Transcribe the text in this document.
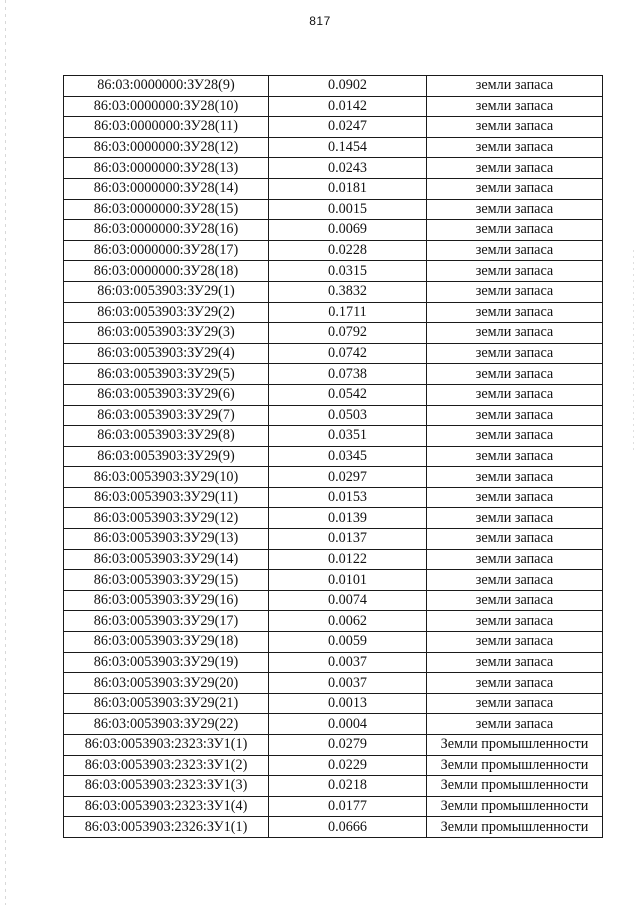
817
86:03:0000000:ЗУ28(9)	0.0902	земли запаса
86:03:0000000:ЗУ28(10)	0.0142	земли запаса
86:03:0000000:ЗУ28(11)	0.0247	земли запаса
86:03:0000000:ЗУ28(12)	0.1454	земли запаса
86:03:0000000:ЗУ28(13)	0.0243	земли запаса
86:03:0000000:ЗУ28(14)	0.0181	земли запаса
86:03:0000000:ЗУ28(15)	0.0015	земли запаса
86:03:0000000:ЗУ28(16)	0.0069	земли запаса
86:03:0000000:ЗУ28(17)	0.0228	земли запаса
86:03:0000000:ЗУ28(18)	0.0315	земли запаса
86:03:0053903:ЗУ29(1)	0.3832	земли запаса
86:03:0053903:ЗУ29(2)	0.1711	земли запаса
86:03:0053903:ЗУ29(3)	0.0792	земли запаса
86:03:0053903:ЗУ29(4)	0.0742	земли запаса
86:03:0053903:ЗУ29(5)	0.0738	земли запаса
86:03:0053903:ЗУ29(6)	0.0542	земли запаса
86:03:0053903:ЗУ29(7)	0.0503	земли запаса
86:03:0053903:ЗУ29(8)	0.0351	земли запаса
86:03:0053903:ЗУ29(9)	0.0345	земли запаса
86:03:0053903:ЗУ29(10)	0.0297	земли запаса
86:03:0053903:ЗУ29(11)	0.0153	земли запаса
86:03:0053903:ЗУ29(12)	0.0139	земли запаса
86:03:0053903:ЗУ29(13)	0.0137	земли запаса
86:03:0053903:ЗУ29(14)	0.0122	земли запаса
86:03:0053903:ЗУ29(15)	0.0101	земли запаса
86:03:0053903:ЗУ29(16)	0.0074	земли запаса
86:03:0053903:ЗУ29(17)	0.0062	земли запаса
86:03:0053903:ЗУ29(18)	0.0059	земли запаса
86:03:0053903:ЗУ29(19)	0.0037	земли запаса
86:03:0053903:ЗУ29(20)	0.0037	земли запаса
86:03:0053903:ЗУ29(21)	0.0013	земли запаса
86:03:0053903:ЗУ29(22)	0.0004	земли запаса
86:03:0053903:2323:ЗУ1(1)	0.0279	Земли промышленности
86:03:0053903:2323:ЗУ1(2)	0.0229	Земли промышленности
86:03:0053903:2323:ЗУ1(3)	0.0218	Земли промышленности
86:03:0053903:2323:ЗУ1(4)	0.0177	Земли промышленности
86:03:0053903:2326:ЗУ1(1)	0.0666	Земли промышленности
